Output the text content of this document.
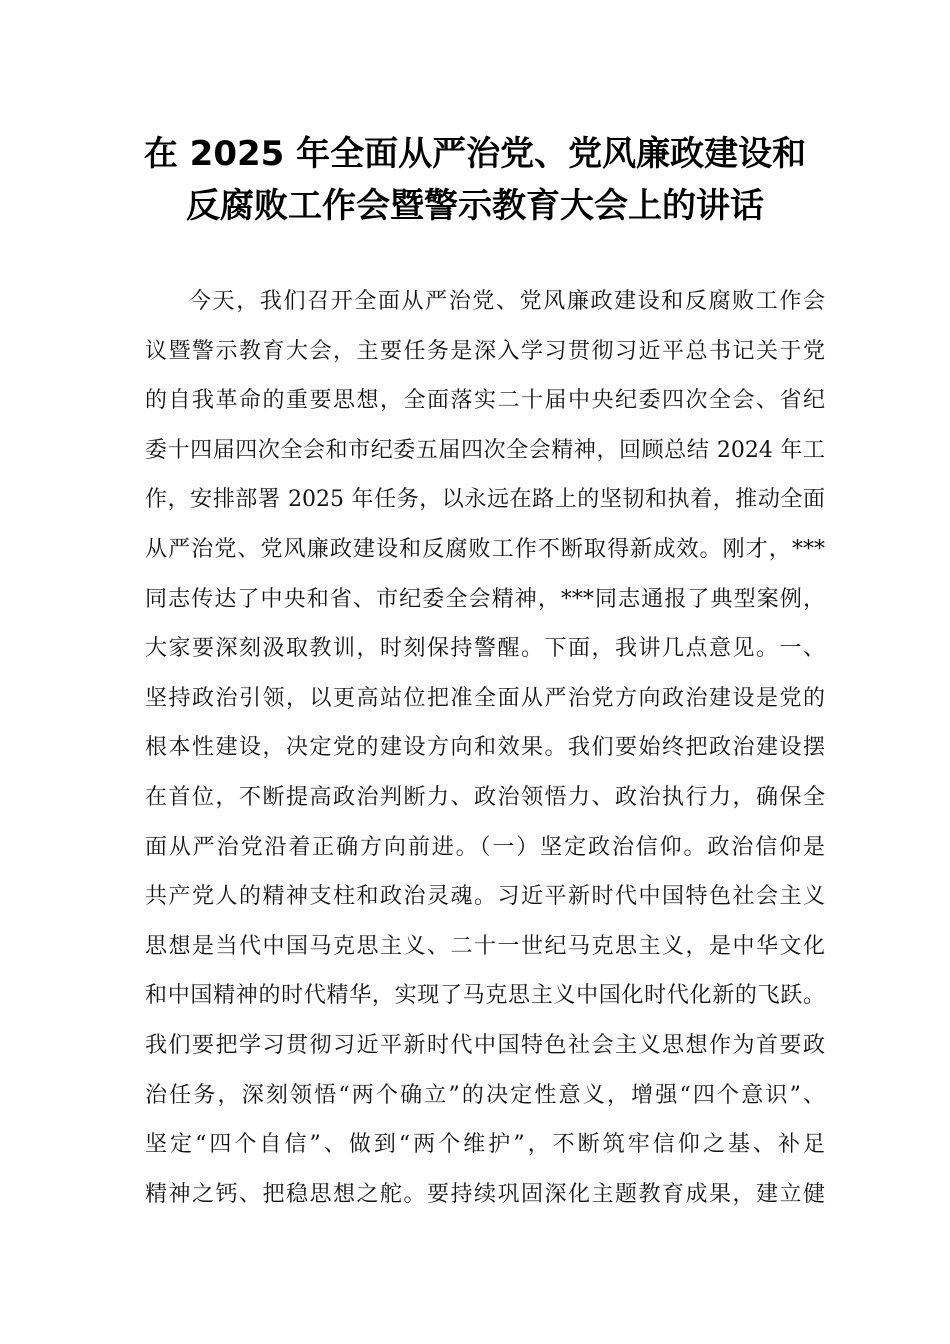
在 2025 年全面从严治党、党风廉政建设和
反腐败工作会暨警示教育大会上的讲话
今天，我们召开全面从严治党、党风廉政建设和反腐败工作会
议暨警示教育大会，主要任务是深入学习贯彻习近平总书记关于党
的自我革命的重要思想，全面落实二十届中央纪委四次全会、省纪
委十四届四次全会和市纪委五届四次全会精神，回顾总结 2024 年工
作，安排部署 2025 年任务，以永远在路上的坚韧和执着，推动全面
从严治党、党风廉政建设和反腐败工作不断取得新成效。刚才，***
同志传达了中央和省、市纪委全会精神，***同志通报了典型案例，
大家要深刻汲取教训，时刻保持警醒。下面，我讲几点意见。一、
坚持政治引领，以更高站位把准全面从严治党方向政治建设是党的
根本性建设，决定党的建设方向和效果。我们要始终把政治建设摆
在首位，不断提高政治判断力、政治领悟力、政治执行力，确保全
面从严治党沿着正确方向前进。（一）坚定政治信仰。政治信仰是
共产党人的精神支柱和政治灵魂。习近平新时代中国特色社会主义
思想是当代中国马克思主义、二十一世纪马克思主义，是中华文化
和中国精神的时代精华，实现了马克思主义中国化时代化新的飞跃。
我们要把学习贯彻习近平新时代中国特色社会主义思想作为首要政
治任务，深刻领悟“两个确立”的决定性意义，增强“四个意识”、
坚定“四个自信”、做到“两个维护”，不断筑牢信仰之基、补足
精神之钙、把稳思想之舵。要持续巩固深化主题教育成果，建立健
